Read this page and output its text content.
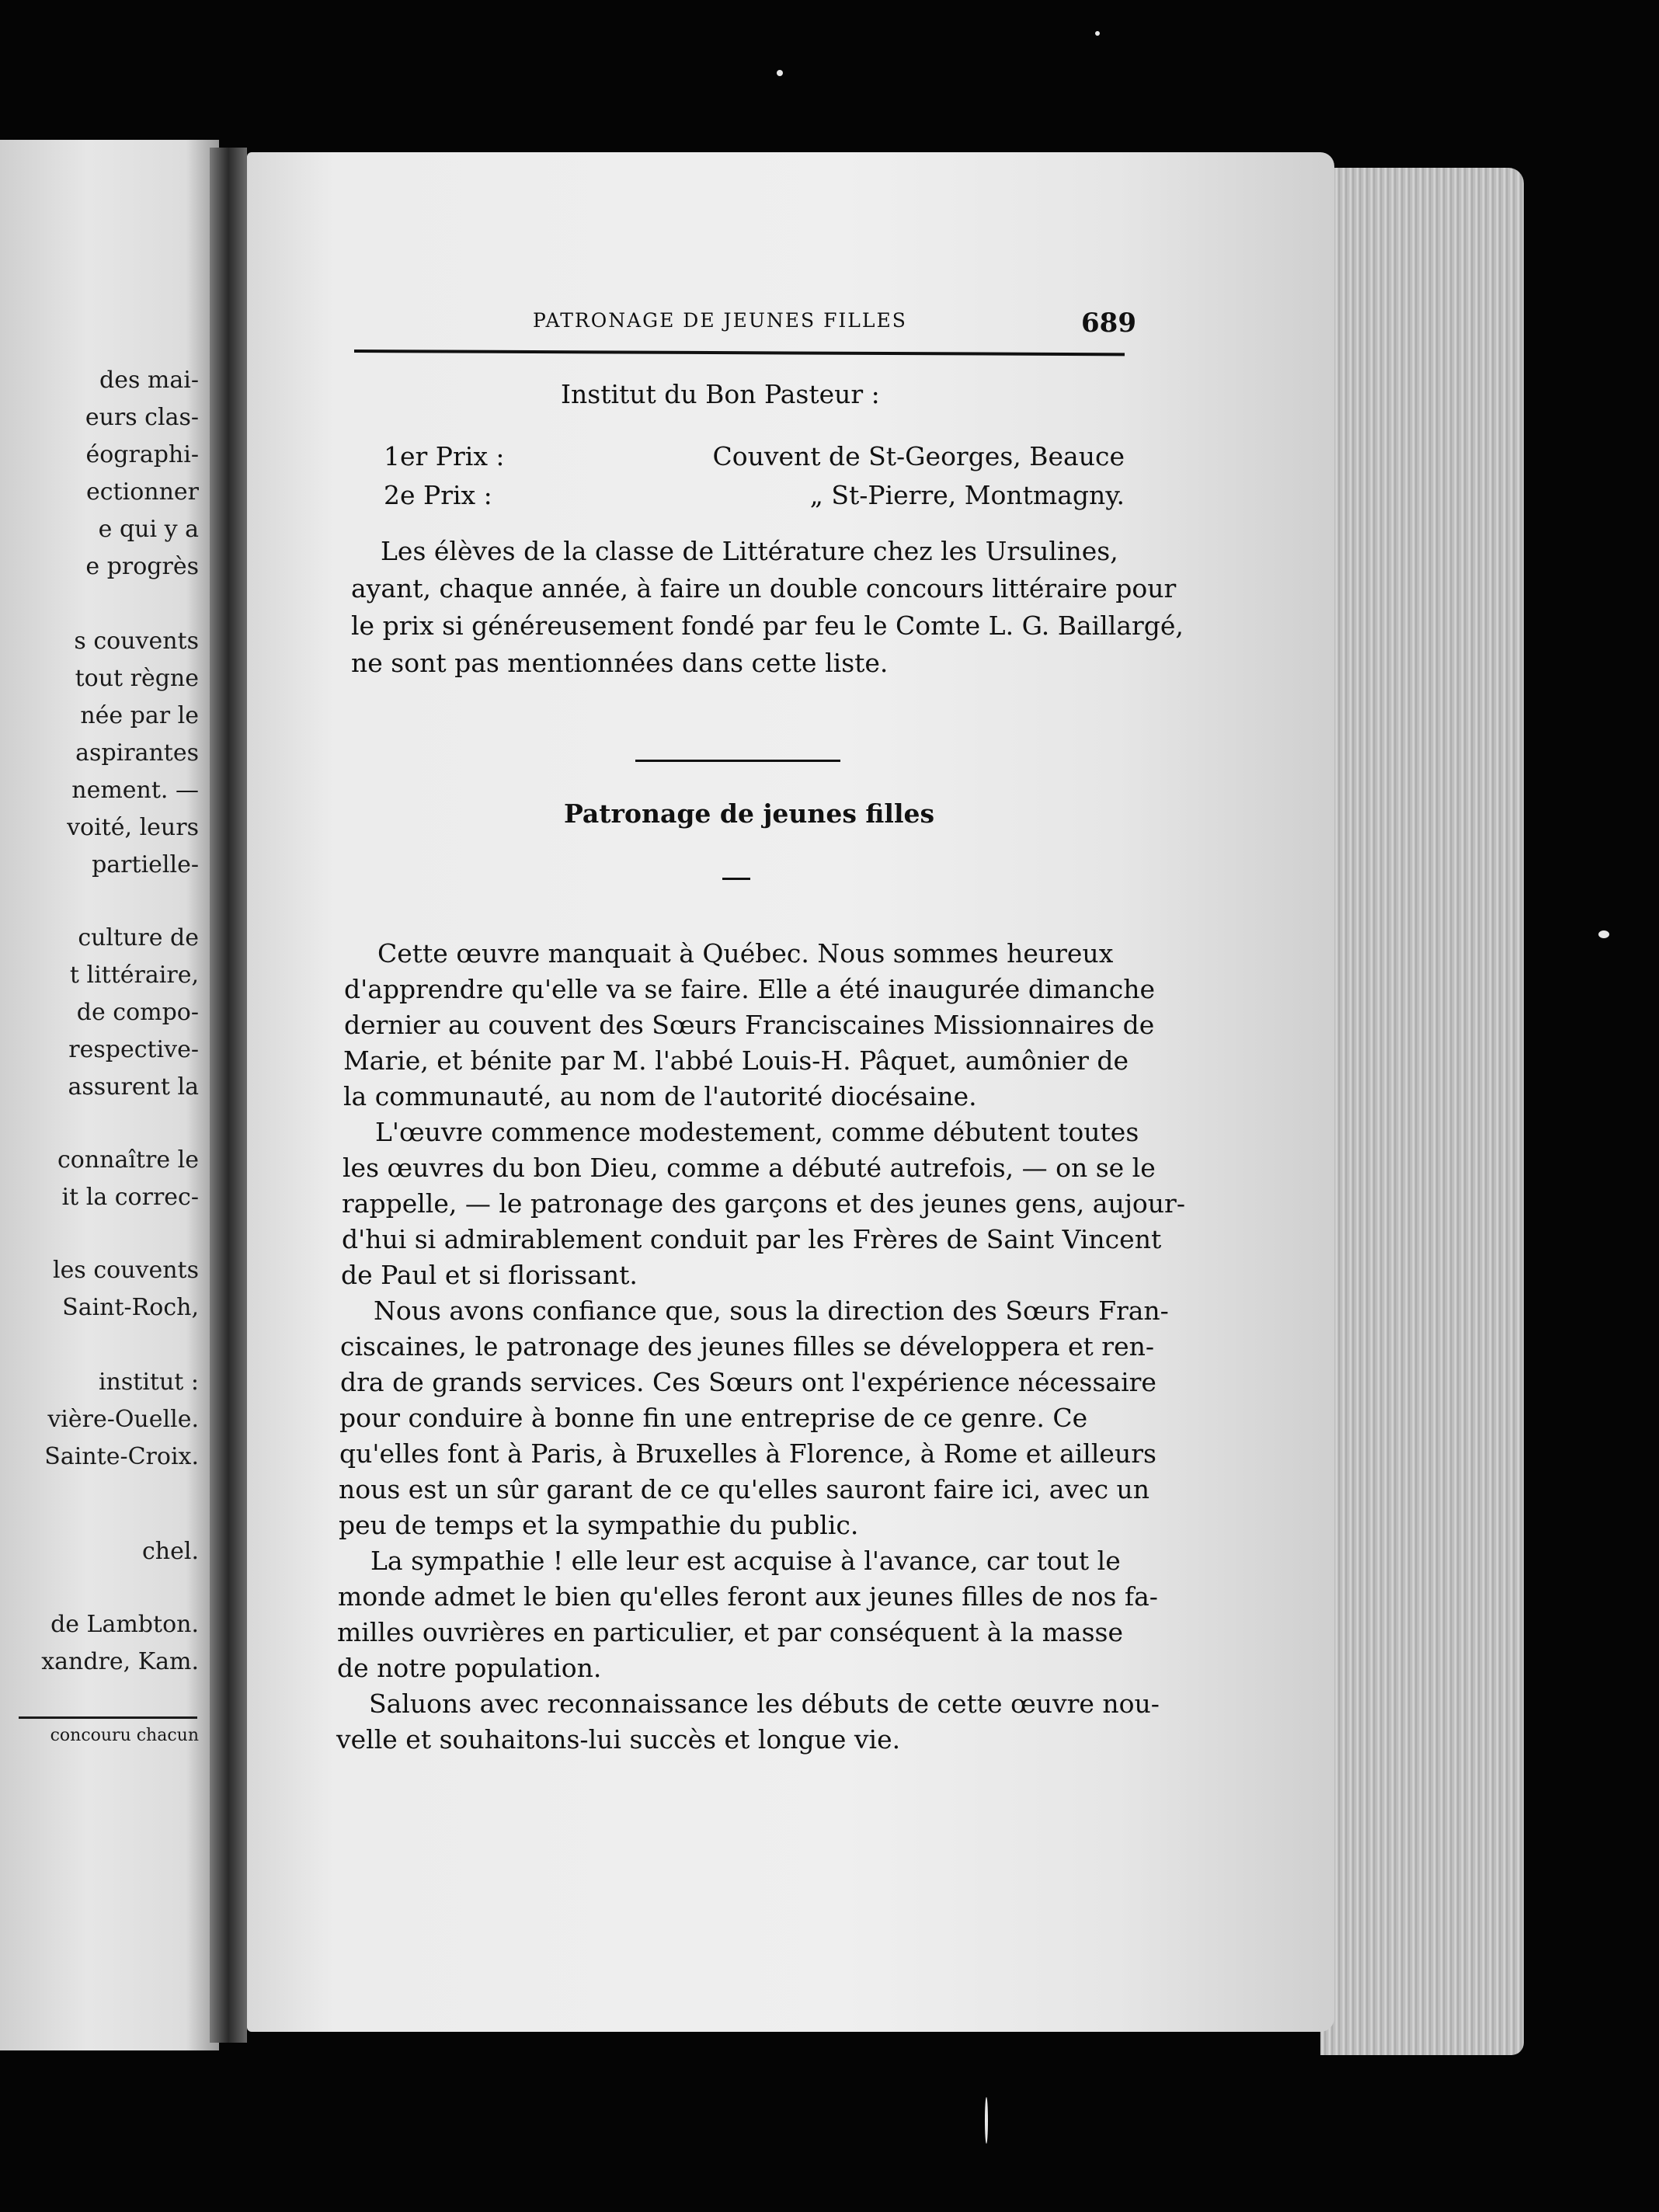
des mai-
eurs clas-
éographi-
ectionner
e qui y a
e progrès
s couvents
tout règne
née par le
aspirantes
nement. —
voité, leurs
partielle-
culture de
t littéraire,
de compo-
respective-
assurent la
connaître le
it la correc-
les couvents
Saint-Roch,
institut :
vière-Ouelle.
Sainte-Croix.
chel.
de Lambton.
xandre, Kam.
concouru chacun
PATRONAGE DE JEUNES FILLES	689
Institut du Bon Pasteur :
1er Prix :	Couvent de St-Georges, Beauce
2e Prix :	„ St-Pierre, Montmagny.
Les élèves de la classe de Littérature chez les Ursulines,
ayant, chaque année, à faire un double concours littéraire pour
le prix si généreusement fondé par feu le Comte L. G. Baillargé,
ne sont pas mentionnées dans cette liste.
Patronage de jeunes filles
Cette œuvre manquait à Québec. Nous sommes heureux
d'apprendre qu'elle va se faire. Elle a été inaugurée dimanche
dernier au couvent des Sœurs Franciscaines Missionnaires de
Marie, et bénite par M. l'abbé Louis-H. Pâquet, aumônier de
la communauté, au nom de l'autorité diocésaine.
L'œuvre commence modestement, comme débutent toutes
les œuvres du bon Dieu, comme a débuté autrefois, — on se le
rappelle, — le patronage des garçons et des jeunes gens, aujour-
d'hui si admirablement conduit par les Frères de Saint Vincent
de Paul et si florissant.
Nous avons confiance que, sous la direction des Sœurs Fran-
ciscaines, le patronage des jeunes filles se développera et ren-
dra de grands services. Ces Sœurs ont l'expérience nécessaire
pour conduire à bonne fin une entreprise de ce genre. Ce
qu'elles font à Paris, à Bruxelles à Florence, à Rome et ailleurs
nous est un sûr garant de ce qu'elles sauront faire ici, avec un
peu de temps et la sympathie du public.
La sympathie ! elle leur est acquise à l'avance, car tout le
monde admet le bien qu'elles feront aux jeunes filles de nos fa-
milles ouvrières en particulier, et par conséquent à la masse
de notre population.
Saluons avec reconnaissance les débuts de cette œuvre nou-
velle et souhaitons-lui succès et longue vie.
